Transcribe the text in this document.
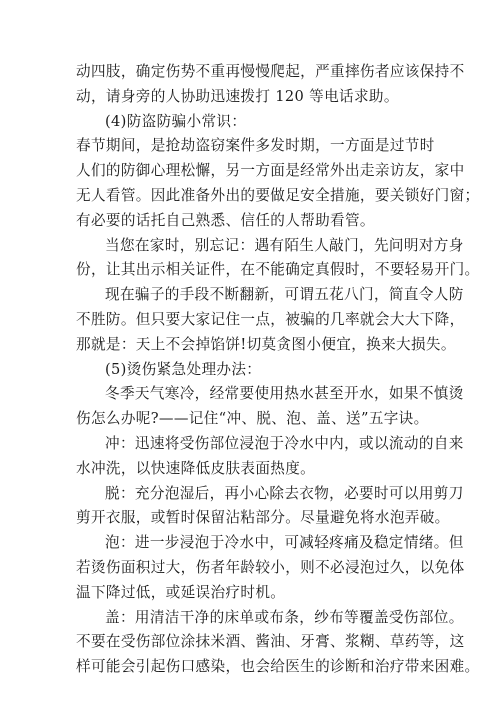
动四肢，确定伤势不重再慢慢爬起，严重摔伤者应该保持不
动，请身旁的人协助迅速拨打 120 等电话求助。
(4)防盗防骗小常识：
春节期间，是抢劫盗窃案件多发时期，一方面是过节时
人们的防御心理松懈，另一方面是经常外出走亲访友，家中
无人看管。因此准备外出的要做足安全措施，要关锁好门窗；
有必要的话托自己熟悉、信任的人帮助看管。
当您在家时，别忘记：遇有陌生人敲门，先问明对方身
份，让其出示相关证件，在不能确定真假时，不要轻易开门。
现在骗子的手段不断翻新，可谓五花八门，简直令人防
不胜防。但只要大家记住一点，被骗的几率就会大大下降，
那就是：天上不会掉馅饼!切莫贪图小便宜，换来大损失。
(5)烫伤紧急处理办法：
冬季天气寒冷，经常要使用热水甚至开水，如果不慎烫
伤怎么办呢?——记住“冲、脱、泡、盖、送”五字诀。
冲：迅速将受伤部位浸泡于冷水中内，或以流动的自来
水冲洗，以快速降低皮肤表面热度。
脱：充分泡湿后，再小心除去衣物，必要时可以用剪刀
剪开衣服，或暂时保留沾粘部分。尽量避免将水泡弄破。
泡：进一步浸泡于冷水中，可减轻疼痛及稳定情绪。但
若烫伤面积过大，伤者年龄较小，则不必浸泡过久，以免体
温下降过低，或延误治疗时机。
盖：用清洁干净的床单或布条，纱布等覆盖受伤部位。
不要在受伤部位涂抹米酒、酱油、牙膏、浆糊、草药等，这
样可能会引起伤口感染，也会给医生的诊断和治疗带来困难。
